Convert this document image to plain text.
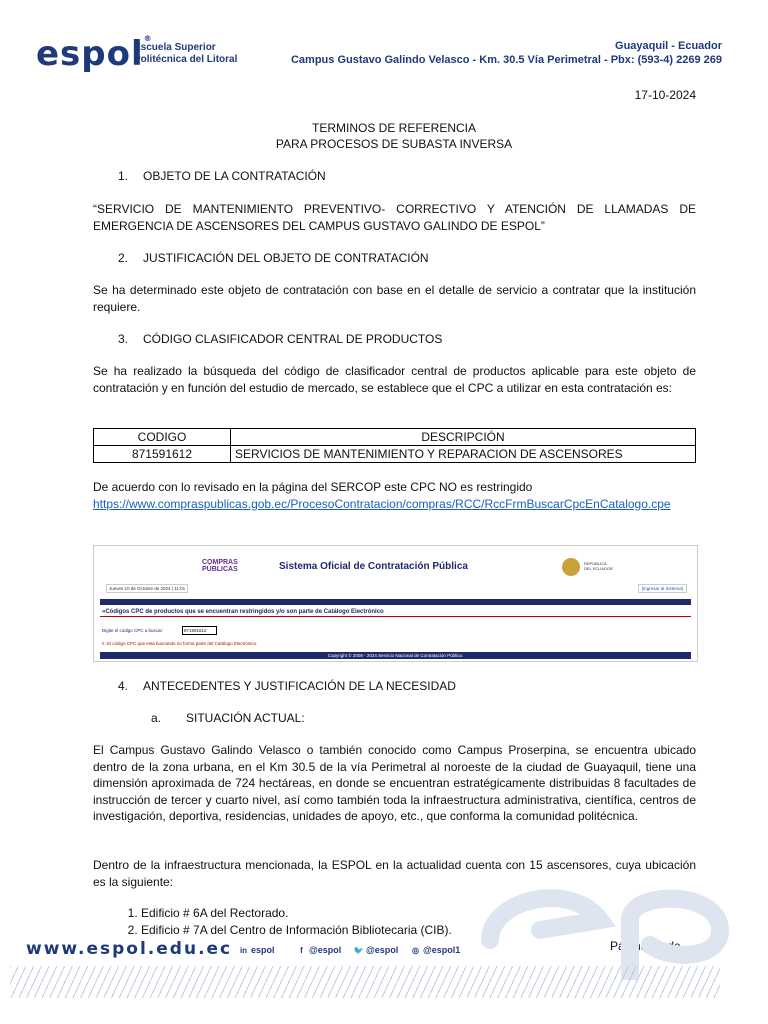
espol®
Escuela Superior
Politécnica del Litoral
Guayaquil - Ecuador
Campus Gustavo Galindo Velasco - Km. 30.5 Vía Perimetral - Pbx: (593-4) 2269 269
17-10-2024
TERMINOS DE REFERENCIA
PARA PROCESOS DE SUBASTA INVERSA
1. OBJETO DE LA CONTRATACIÓN
“SERVICIO DE MANTENIMIENTO PREVENTIVO- CORRECTIVO Y ATENCIÓN DE LLAMADAS DE EMERGENCIA DE ASCENSORES DEL CAMPUS GUSTAVO GALINDO DE ESPOL”
2. JUSTIFICACIÓN DEL OBJETO DE CONTRATACIÓN
Se ha determinado este objeto de contratación con base en el detalle de servicio a contratar que la institución requiere.
3. CÓDIGO CLASIFICADOR CENTRAL DE PRODUCTOS
Se ha realizado la búsqueda del código de clasificador central de productos aplicable para este objeto de contratación y en función del estudio de mercado, se establece que el CPC a utilizar en esta contratación es:
CODIGO	DESCRIPCIÓN
871591612	SERVICIOS DE MANTENIMIENTO Y REPARACION DE ASCENSORES
De acuerdo con lo revisado en la página del SERCOP este CPC NO es restringido
https://www.compraspublicas.gob.ec/ProcesoContratacion/compras/RCC/RccFrmBuscarCpcEnCatalogo.cpe
COMPRAS
PÚBLICAS	Sistema Oficial de Contratación Pública	REPÚBLICA
DEL ECUADOR
Jueves 10 de Octubre de 2024 | 11:01	[Ingresar al Sistema]
»Códigos CPC de productos que se encuentran restringidos y/o son parte de Catálogo Electrónico
Digite el código CPC a buscar:	871591612
!!. El código CPC que está buscando no forma parte del Catálogo Electrónico.
Copyright © 2008 - 2024 Servicio Nacional de Contratación Pública.
4. ANTECEDENTES Y JUSTIFICACIÓN DE LA NECESIDAD
a. SITUACIÓN ACTUAL:
El Campus Gustavo Galindo Velasco o también conocido como Campus Proserpina, se encuentra ubicado dentro de la zona urbana, en el Km 30.5 de la vía Perimetral al noroeste de la ciudad de Guayaquil, tiene una dimensión aproximada de 724 hectáreas, en donde se encuentran estratégicamente distribuidas 8 facultades de instrucción de tercer y cuarto nivel, así como también toda la infraestructura administrativa, científica, centros de investigación, deportiva, residencias, unidades de apoyo, etc., que conforma la comunidad politécnica.
Dentro de la infraestructura mencionada, la ESPOL en la actualidad cuenta con 15 ascensores, cuya ubicación es la siguiente:
1. Edificio # 6A del Rectorado.
2. Edificio # 7A del Centro de Información Bibliotecaria (CIB).
www.espol.edu.ec in espol	f @espol 🐦 @espol ◎ @espol1	Página      de
